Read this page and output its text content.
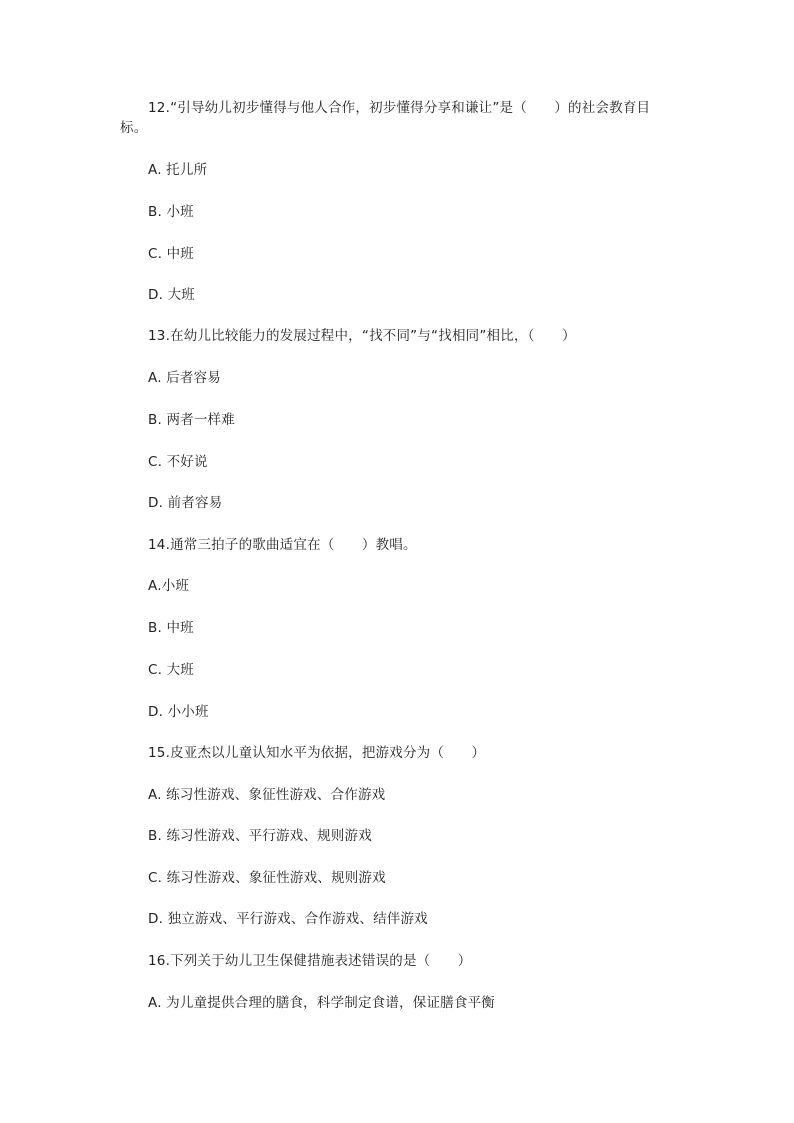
12.“引导幼儿初步懂得与他人合作，初步懂得分享和谦让”是（　　）的社会教育目
标。
A. 托儿所
B. 小班
C. 中班
D. 大班
13.在幼儿比较能力的发展过程中，“找不同”与“找相同”相比，（　　）
A. 后者容易
B. 两者一样难
C. 不好说
D. 前者容易
14.通常三拍子的歌曲适宜在（　　）教唱。
A.小班
B. 中班
C. 大班
D. 小小班
15.皮亚杰以儿童认知水平为依据，把游戏分为（　　）
A. 练习性游戏、象征性游戏、合作游戏
B. 练习性游戏、平行游戏、规则游戏
C. 练习性游戏、象征性游戏、规则游戏
D. 独立游戏、平行游戏、合作游戏、结伴游戏
16.下列关于幼儿卫生保健措施表述错误的是（　　）
A. 为儿童提供合理的膳食，科学制定食谱，保证膳食平衡
